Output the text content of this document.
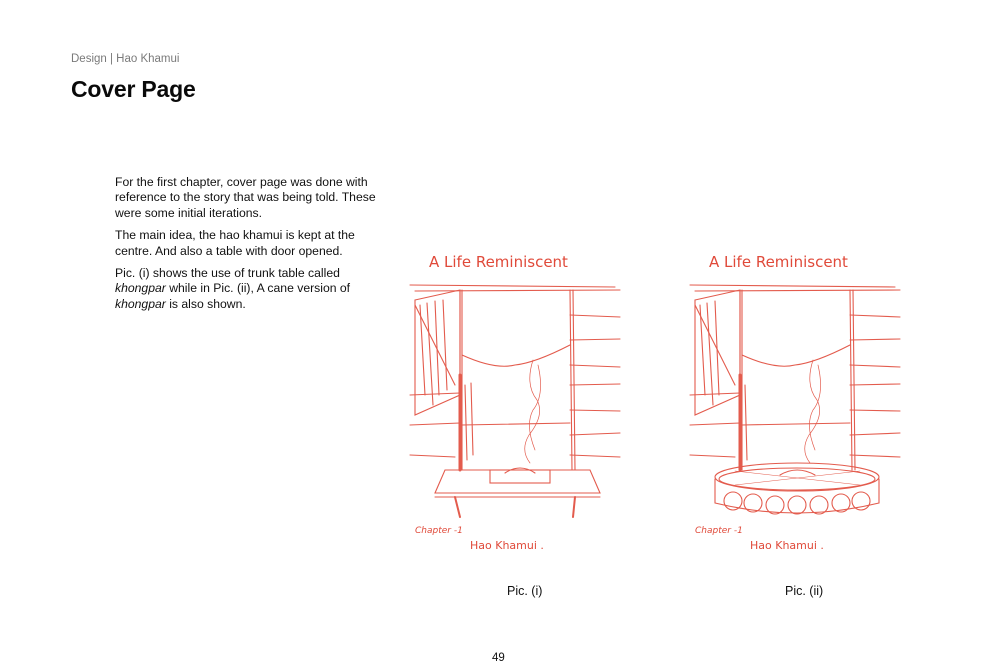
Design | Hao Khamui
Cover Page

For the first chapter, cover page was done with reference to the story that was being told. These were some initial iterations.

The main idea, the hao khamui is kept at the centre. And also a table with door opened.

Pic. (i) shows the use of trunk table called khongpar while in Pic. (ii), A cane version of khongpar is also shown.

A Life Reminiscent
Chapter -1
Hao Khamui .
A Life Reminiscent
Chapter -1
Hao Khamui .
Pic. (i)	Pic. (ii)
49
